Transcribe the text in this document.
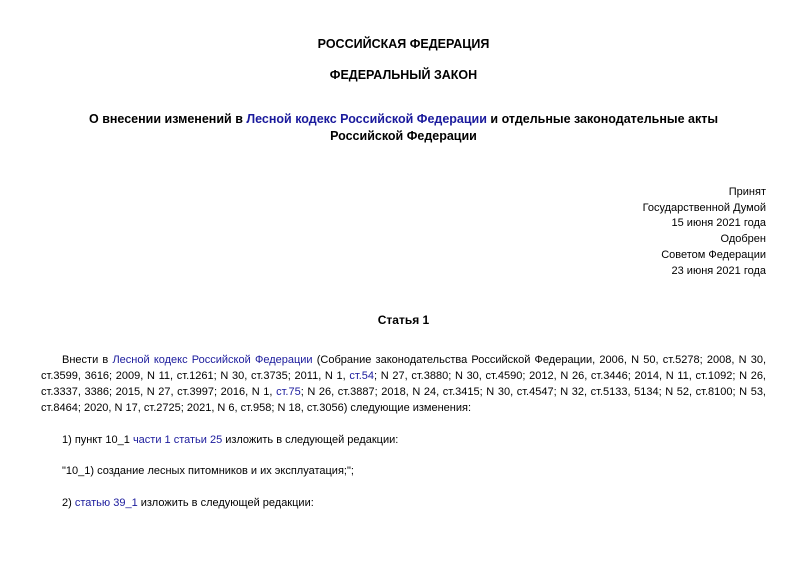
РОССИЙСКАЯ ФЕДЕРАЦИЯ
ФЕДЕРАЛЬНЫЙ ЗАКОН
О внесении изменений в Лесной кодекс Российской Федерации и отдельные законодательные акты
Российской Федерации
Принят
Государственной Думой
15 июня 2021 года
Одобрен
Советом Федерации
23 июня 2021 года
Статья 1
Внести в Лесной кодекс Российской Федерации (Собрание законодательства Российской Федерации, 2006, N 50, ст.5278; 2008, N 30, ст.3599, 3616; 2009, N 11, ст.1261; N 30, ст.3735; 2011, N 1, ст.54; N 27, ст.3880; N 30, ст.4590; 2012, N 26, ст.3446; 2014, N 11, ст.1092; N 26, ст.3337, 3386; 2015, N 27, ст.3997; 2016, N 1, ст.75; N 26, ст.3887; 2018, N 24, ст.3415; N 30, ст.4547; N 32, ст.5133, 5134; N 52, ст.8100; N 53, ст.8464; 2020, N 17, ст.2725; 2021, N 6, ст.958; N 18, ст.3056) следующие изменения:
1) пункт 10_1 части 1 статьи 25 изложить в следующей редакции:
"10_1) создание лесных питомников и их эксплуатация;";
2) статью 39_1 изложить в следующей редакции:
